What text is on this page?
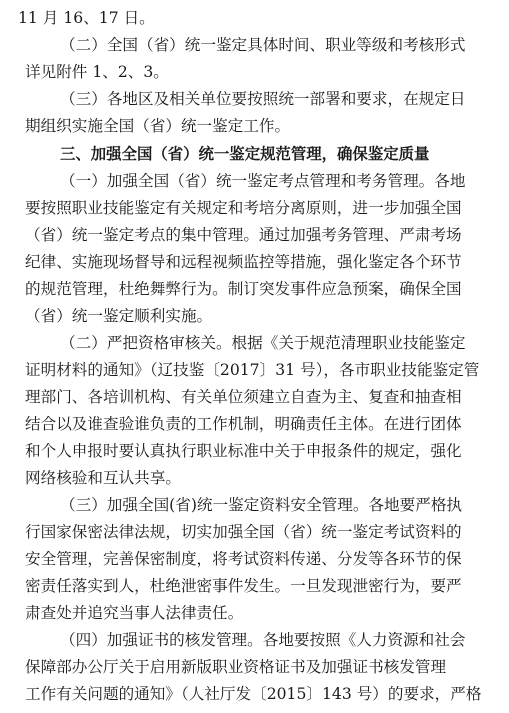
11 月 16、17 日。
（二）全国（省）统一鉴定具体时间、职业等级和考核形式
详见附件 1、2、3。
（三）各地区及相关单位要按照统一部署和要求，在规定日
期组织实施全国（省）统一鉴定工作。
三、加强全国（省）统一鉴定规范管理，确保鉴定质量
（一）加强全国（省）统一鉴定考点管理和考务管理。各地
要按照职业技能鉴定有关规定和考培分离原则，进一步加强全国
（省）统一鉴定考点的集中管理。通过加强考务管理、严肃考场
纪律、实施现场督导和远程视频监控等措施，强化鉴定各个环节
的规范管理，杜绝舞弊行为。制订突发事件应急预案，确保全国
（省）统一鉴定顺利实施。
（二）严把资格审核关。根据《关于规范清理职业技能鉴定
证明材料的通知》（辽技鉴〔2017〕31 号），各市职业技能鉴定管
理部门、各培训机构、有关单位须建立自查为主、复查和抽查相
结合以及谁查验谁负责的工作机制，明确责任主体。在进行团体
和个人申报时要认真执行职业标准中关于申报条件的规定，强化
网络核验和互认共享。
（三）加强全国(省)统一鉴定资料安全管理。各地要严格执
行国家保密法律法规，切实加强全国（省）统一鉴定考试资料的
安全管理，完善保密制度，将考试资料传递、分发等各环节的保
密责任落实到人，杜绝泄密事件发生。一旦发现泄密行为，要严
肃查处并追究当事人法律责任。
（四）加强证书的核发管理。各地要按照《人力资源和社会
保障部办公厅关于启用新版职业资格证书及加强证书核发管理
工作有关问题的通知》（人社厅发〔2015〕143 号）的要求，严格
